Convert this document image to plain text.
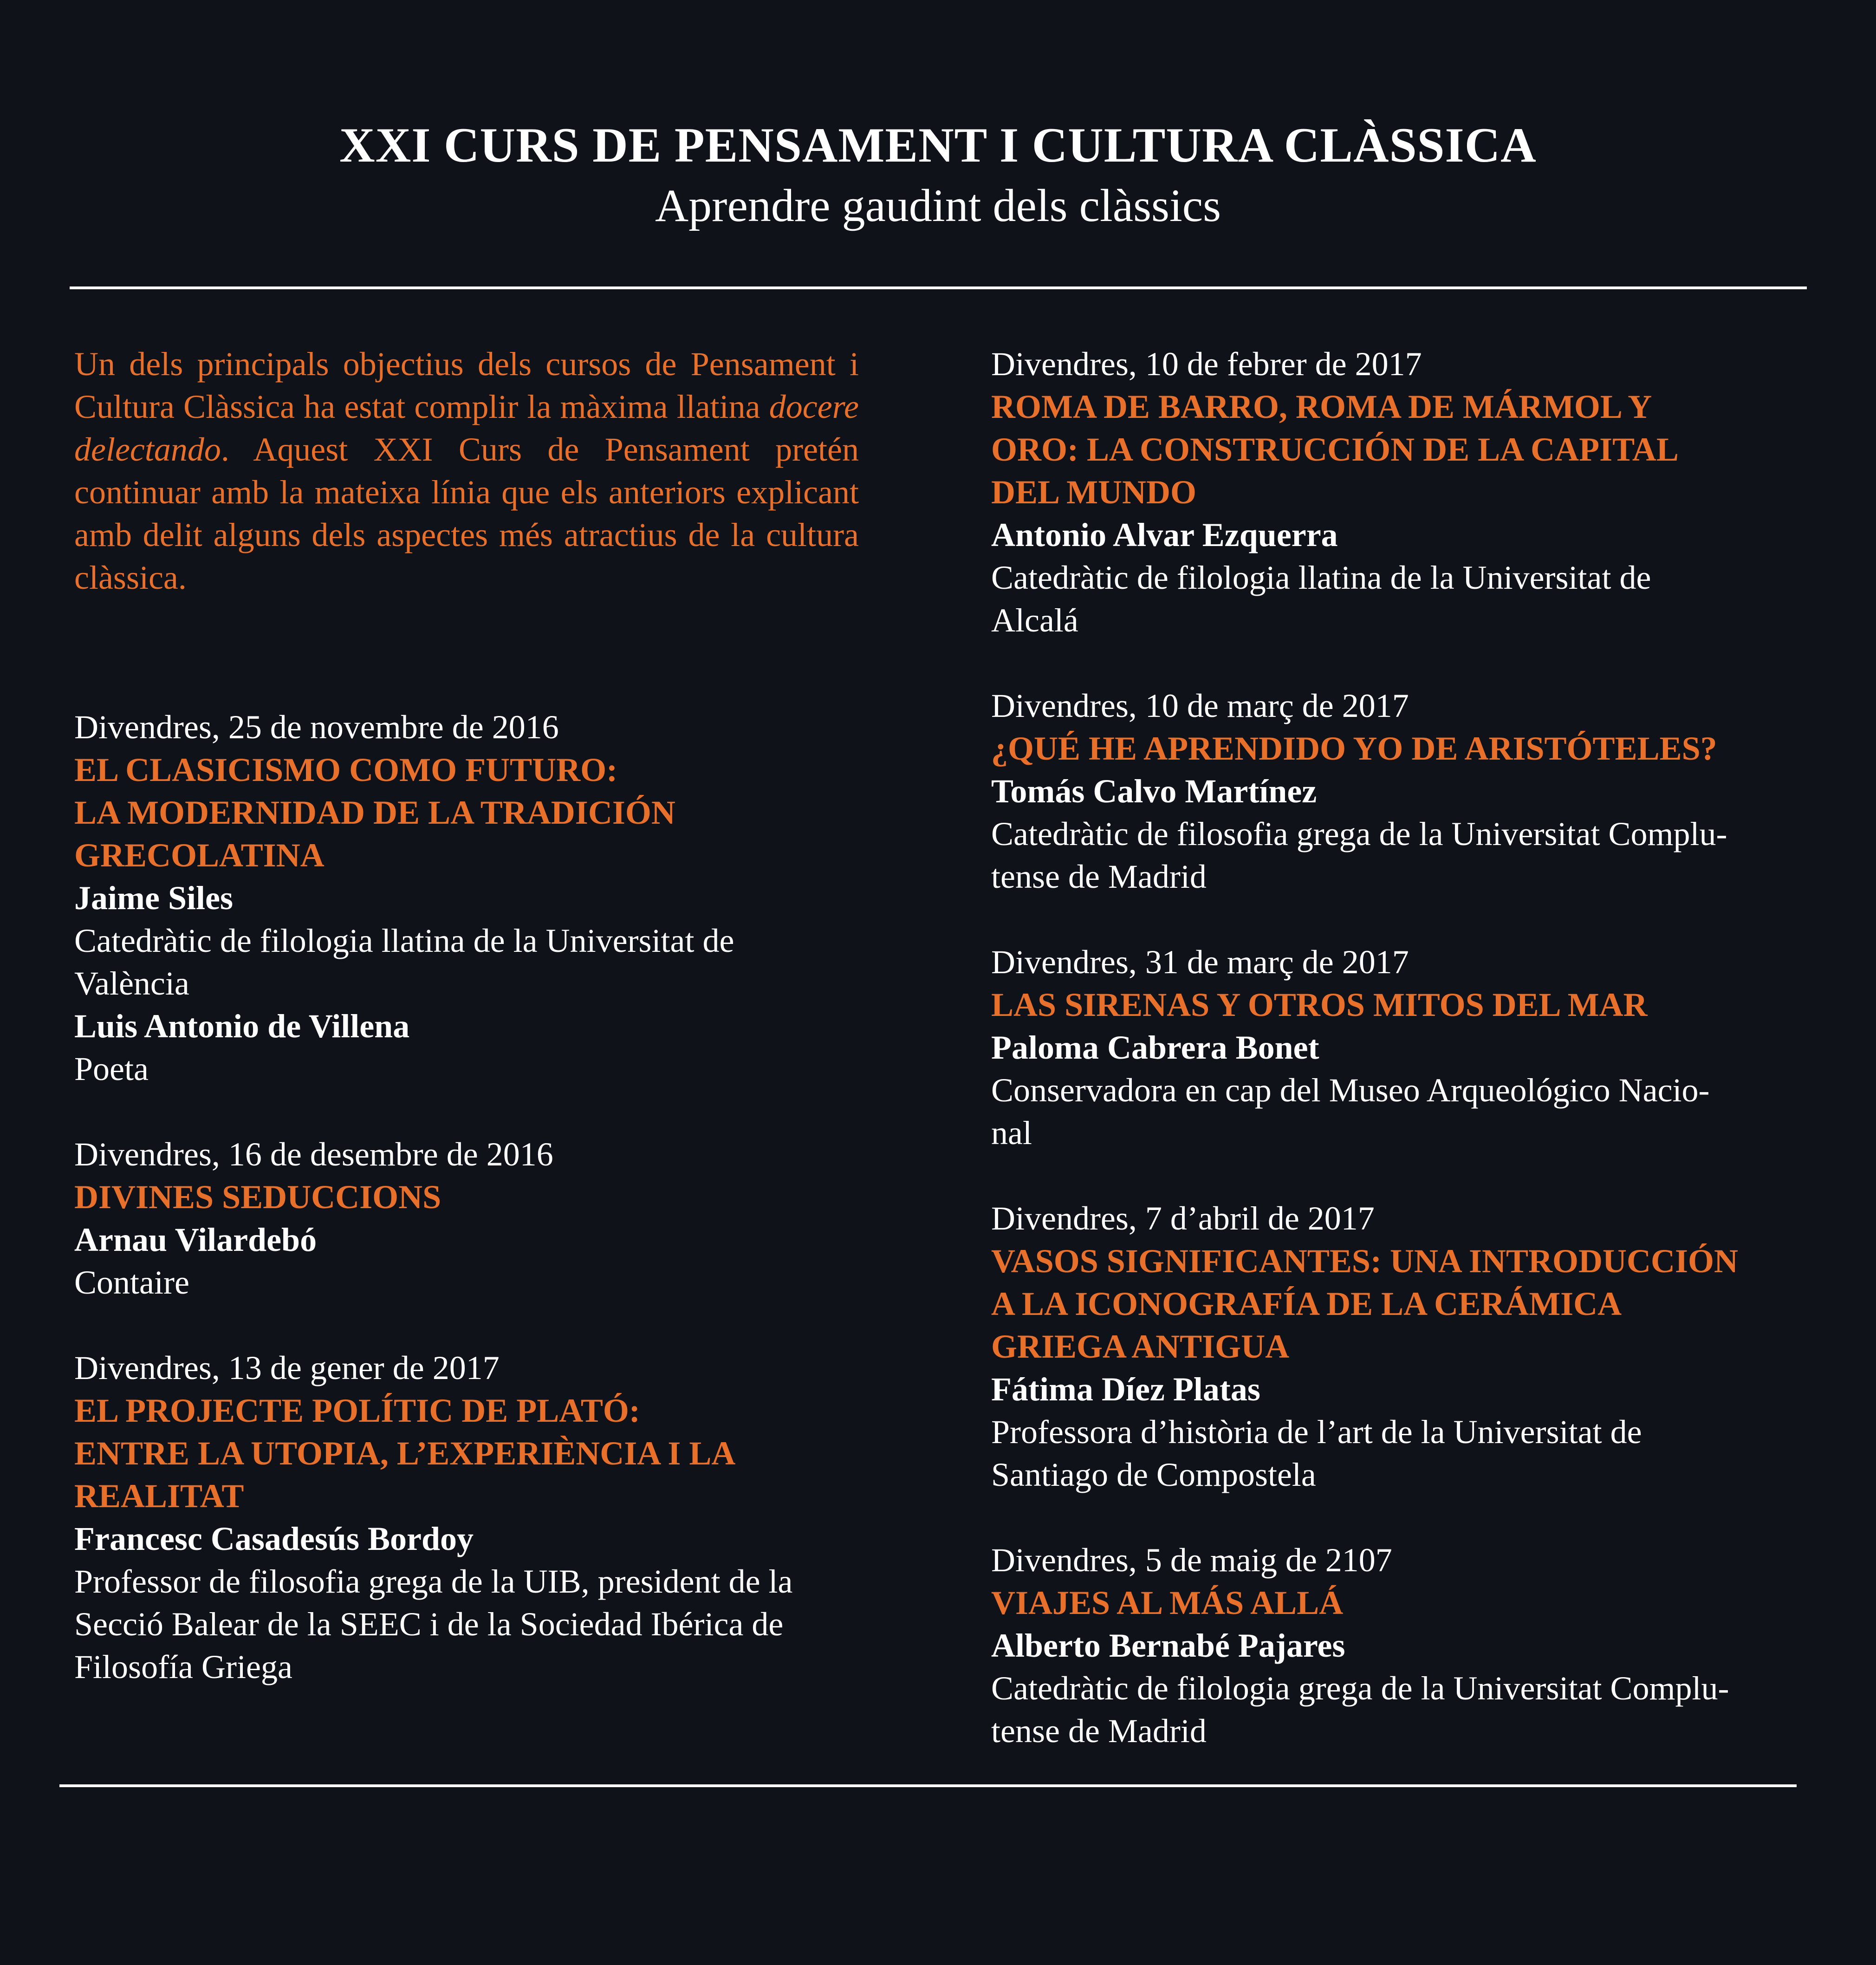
XXI CURS DE PENSAMENT I CULTURA CLÀSSICA
Aprendre gaudint dels clàssics

Un dels principals objectius dels cursos de Pensament i Cultura Clàssica ha estat complir la màxima llatina docere delectando. Aquest XXI Curs de Pensament pretén continuar amb la mateixa línia que els anteriors explicant amb delit alguns dels aspectes més atractius de la cultura clàssica.

Divendres, 25 de novembre de 2016
EL CLASICISMO COMO FUTURO:
LA MODERNIDAD DE LA TRADICIÓN
GRECOLATINA
Jaime Siles
Catedràtic de filologia llatina de la Universitat de
València
Luis Antonio de Villena
Poeta
Divendres, 16 de desembre de 2016
DIVINES SEDUCCIONS
Arnau Vilardebó
Contaire
Divendres, 13 de gener de 2017
EL PROJECTE POLÍTIC DE PLATÓ:
ENTRE LA UTOPIA, L’EXPERIÈNCIA I LA
REALITAT
Francesc Casadesús Bordoy
Professor de filosofia grega de la UIB, president de la
Secció Balear de la SEEC i de la Sociedad Ibérica de
Filosofía Griega
Divendres, 10 de febrer de 2017
ROMA DE BARRO, ROMA DE MÁRMOL Y
ORO: LA CONSTRUCCIÓN DE LA CAPITAL
DEL MUNDO
Antonio Alvar Ezquerra
Catedràtic de filologia llatina de la Universitat de
Alcalá
Divendres, 10 de març de 2017
¿QUÉ HE APRENDIDO YO DE ARISTÓTELES?
Tomás Calvo Martínez
Catedràtic de filosofia grega de la Universitat Complu-
tense de Madrid
Divendres, 31 de març de 2017
LAS SIRENAS Y OTROS MITOS DEL MAR
Paloma Cabrera Bonet
Conservadora en cap del Museo Arqueológico Nacio-
nal
Divendres, 7 d’abril de 2017
VASOS SIGNIFICANTES: UNA INTRODUCCIÓN
A LA ICONOGRAFÍA DE LA CERÁMICA
GRIEGA ANTIGUA
Fátima Díez Platas
Professora d’història de l’art de la Universitat de
Santiago de Compostela
Divendres, 5 de maig de 2107
VIAJES AL MÁS ALLÁ
Alberto Bernabé Pajares
Catedràtic de filologia grega de la Universitat Complu-
tense de Madrid
